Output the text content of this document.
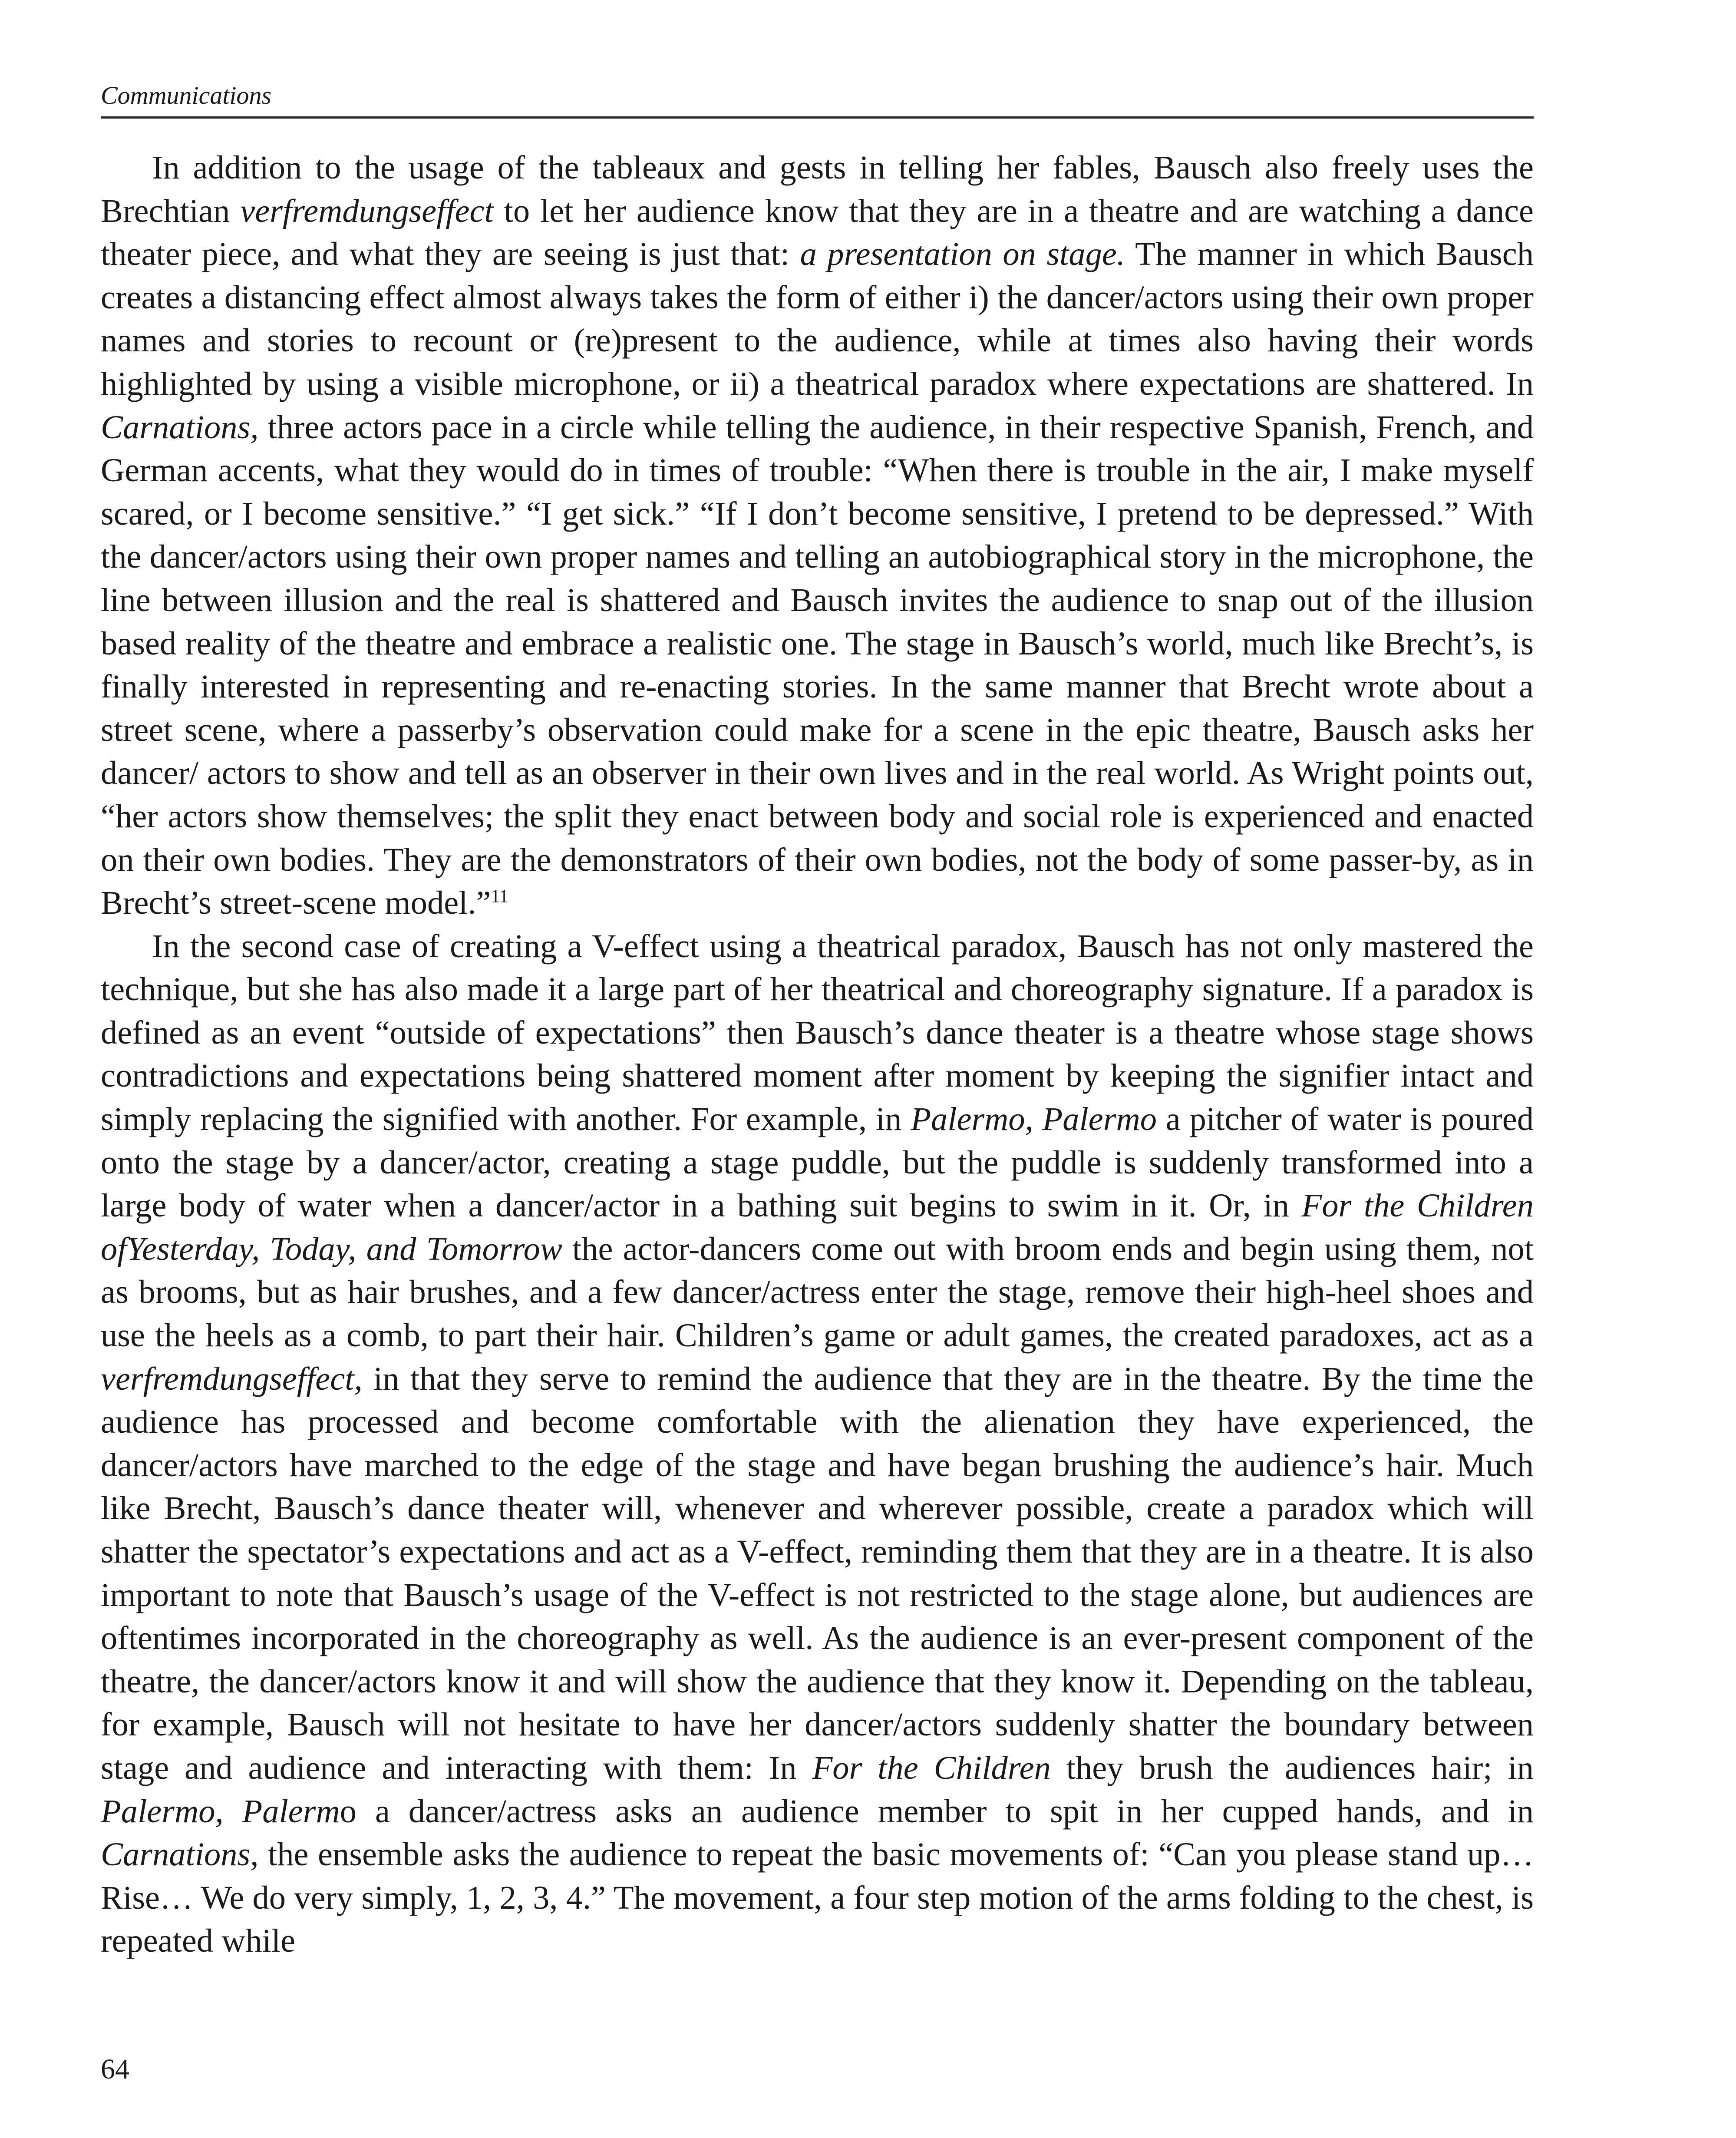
Communications

In addition to the usage of the tableaux and gests in telling her fables, Bausch also freely uses the Brechtian verfremdungseffect to let her audience know that they are in a theatre and are watching a dance theater piece, and what they are seeing is just that: a presentation on stage. The manner in which Bausch creates a distancing effect almost always takes the form of either i) the dancer/actors using their own proper names and stories to recount or (re)present to the audience, while at times also having their words highlighted by using a visible microphone, or ii) a theatrical paradox where expectations are shattered. In Carnations, three actors pace in a circle while telling the audience, in their respective Spanish, French, and German accents, what they would do in times of trouble: “When there is trouble in the air, I make myself scared, or I become sensitive.” “I get sick.” “If I don’t become sensitive, I pretend to be depressed.” With the dancer/actors using their own proper names and telling an autobiographical story in the microphone, the line between illusion and the real is shattered and Bausch invites the audience to snap out of the illusion based reality of the theatre and embrace a realistic one. The stage in Bausch’s world, much like Brecht’s, is finally interested in representing and re-enacting stories. In the same manner that Brecht wrote about a street scene, where a passerby’s observation could make for a scene in the epic theatre, Bausch asks her dancer/ actors to show and tell as an observer in their own lives and in the real world. As Wright points out, “her actors show themselves; the split they enact between body and social role is experienced and enacted on their own bodies. They are the demonstrators of their own bodies, not the body of some passer-by, as in Brecht’s street-scene model.”$^{11}$

In the second case of creating a V-effect using a theatrical paradox, Bausch has not only mastered the technique, but she has also made it a large part of her theatrical and choreography signature. If a paradox is defined as an event “outside of expectations” then Bausch’s dance theater is a theatre whose stage shows contradictions and expectations being shattered moment after moment by keeping the signifier intact and simply replacing the signified with another. For example, in Palermo, Palermo a pitcher of water is poured onto the stage by a dancer/actor, creating a stage puddle, but the puddle is suddenly transformed into a large body of water when a dancer/actor in a bathing suit begins to swim in it. Or, in For the Children ofYesterday, Today, and Tomorrow the actor-dancers come out with broom ends and begin using them, not as brooms, but as hair brushes, and a few dancer/actress enter the stage, remove their high-heel shoes and use the heels as a comb, to part their hair. Children’s game or adult games, the created paradoxes, act as a verfremdungseffect, in that they serve to remind the audience that they are in the theatre. By the time the audience has processed and become comfortable with the alienation they have experienced, the dancer/actors have marched to the edge of the stage and have began brushing the audience’s hair. Much like Brecht, Bausch’s dance theater will, whenever and wherever possible, create a paradox which will shatter the spectator’s expectations and act as a V-effect, reminding them that they are in a theatre. It is also important to note that Bausch’s usage of the V-effect is not restricted to the stage alone, but audiences are oftentimes incorporated in the choreography as well. As the audience is an ever-present component of the theatre, the dancer/actors know it and will show the audience that they know it. Depending on the tableau, for example, Bausch will not hesitate to have her dancer/actors suddenly shatter the boundary between stage and audience and interacting with them: In For the Children they brush the audiences hair; in Palermo, Palermo a dancer/actress asks an audience member to spit in her cupped hands, and in Carnations, the ensemble asks the audience to repeat the basic movements of: “Can you please stand up… Rise… We do very simply, 1, 2, 3, 4.” The movement, a four step motion of the arms folding to the chest, is repeated while

64
